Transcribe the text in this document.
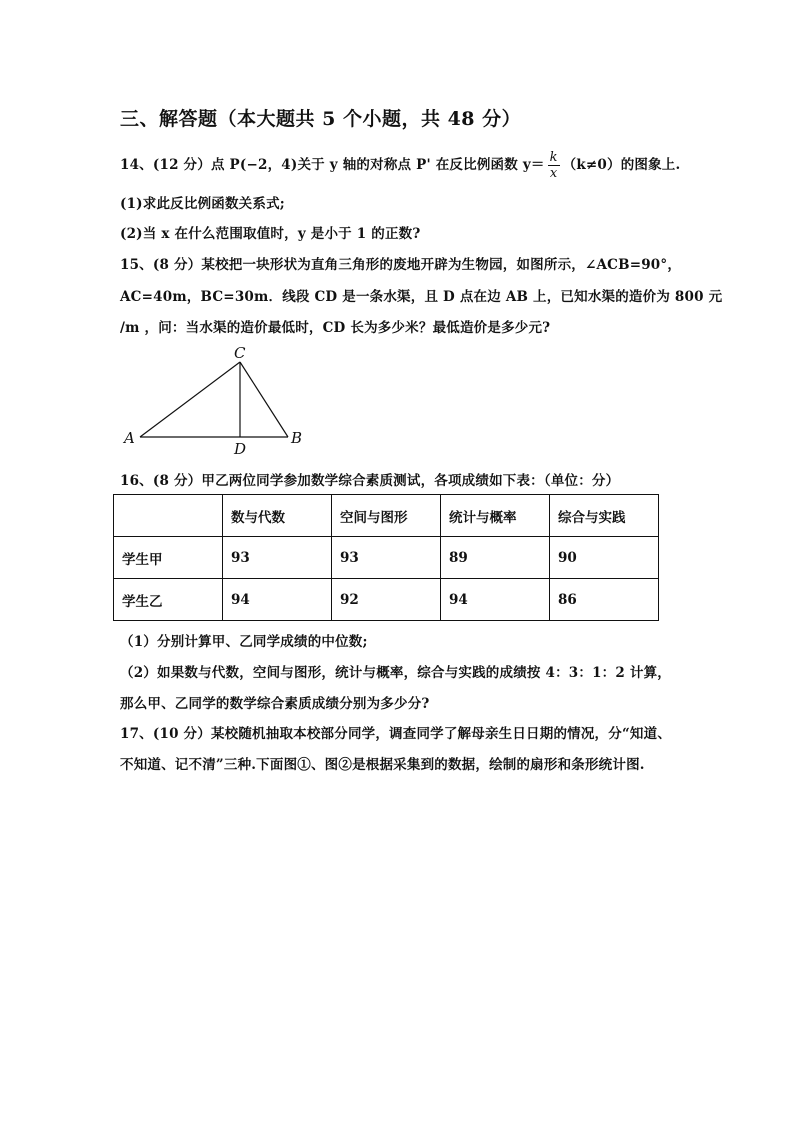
三、解答题（本大题共 5 个小题，共 48 分）
14、(12 分）点 P(−2，4)关于 y 轴的对称点 P' 在反比例函数 $y= \frac{k}{x} (k\ne 0)$的图象上.
(1)求此反比例函数关系式;
(2)当 x 在什么范围取值时，y 是小于 1 的正数?
15、(8 分）某校把一块形状为直角三角形的废地开辟为生物园，如图所示，∠ACB=90°，
AC=40m，BC=30m．线段 CD 是一条水渠，且 D 点在边 AB 上，已知水渠的造价为 800 元
/m ，问：当水渠的造价最低时，CD 长为多少米？最低造价是多少元?
C
A	B
D
16、(8 分）甲乙两位同学参加数学综合素质测试，各项成绩如下表：（单位：分）
	数与代数	空间与图形	统计与概率	综合与实践
学生甲	93	93	89	90
学生乙	94	92	94	86
（1）分别计算甲、乙同学成绩的中位数;
（2）如果数与代数，空间与图形，统计与概率，综合与实践的成绩按 4：3：1：2 计算，
那么甲、乙同学的数学综合素质成绩分别为多少分?
17、(10 分）某校随机抽取本校部分同学，调查同学了解母亲生日日期的情况，分“知道、
不知道、记不清”三种.下面图①、图②是根据采集到的数据，绘制的扇形和条形统计图.
